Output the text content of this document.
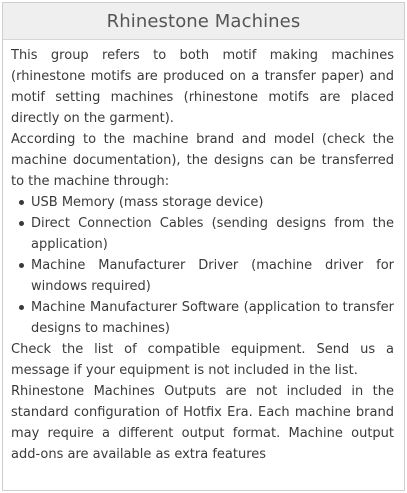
Rhinestone Machines

This group refers to both motif making machines (rhinestone motifs are produced on a transfer paper) and motif setting machines (rhinestone motifs are placed directly on the garment).

According to the machine brand and model (check the machine documentation), the designs can be transferred to the machine through:

USB Memory (mass storage device)
Direct Connection Cables (sending designs from the application)
Machine Manufacturer Driver (machine driver for windows required)
Machine Manufacturer Software (application to transfer designs to machines)

Check the list of compatible equipment. Send us a message if your equipment is not included in the list.

Rhinestone Machines Outputs are not included in the standard configuration of Hotfix Era. Each machine brand may require a different output format. Machine output add-ons are available as extra features
